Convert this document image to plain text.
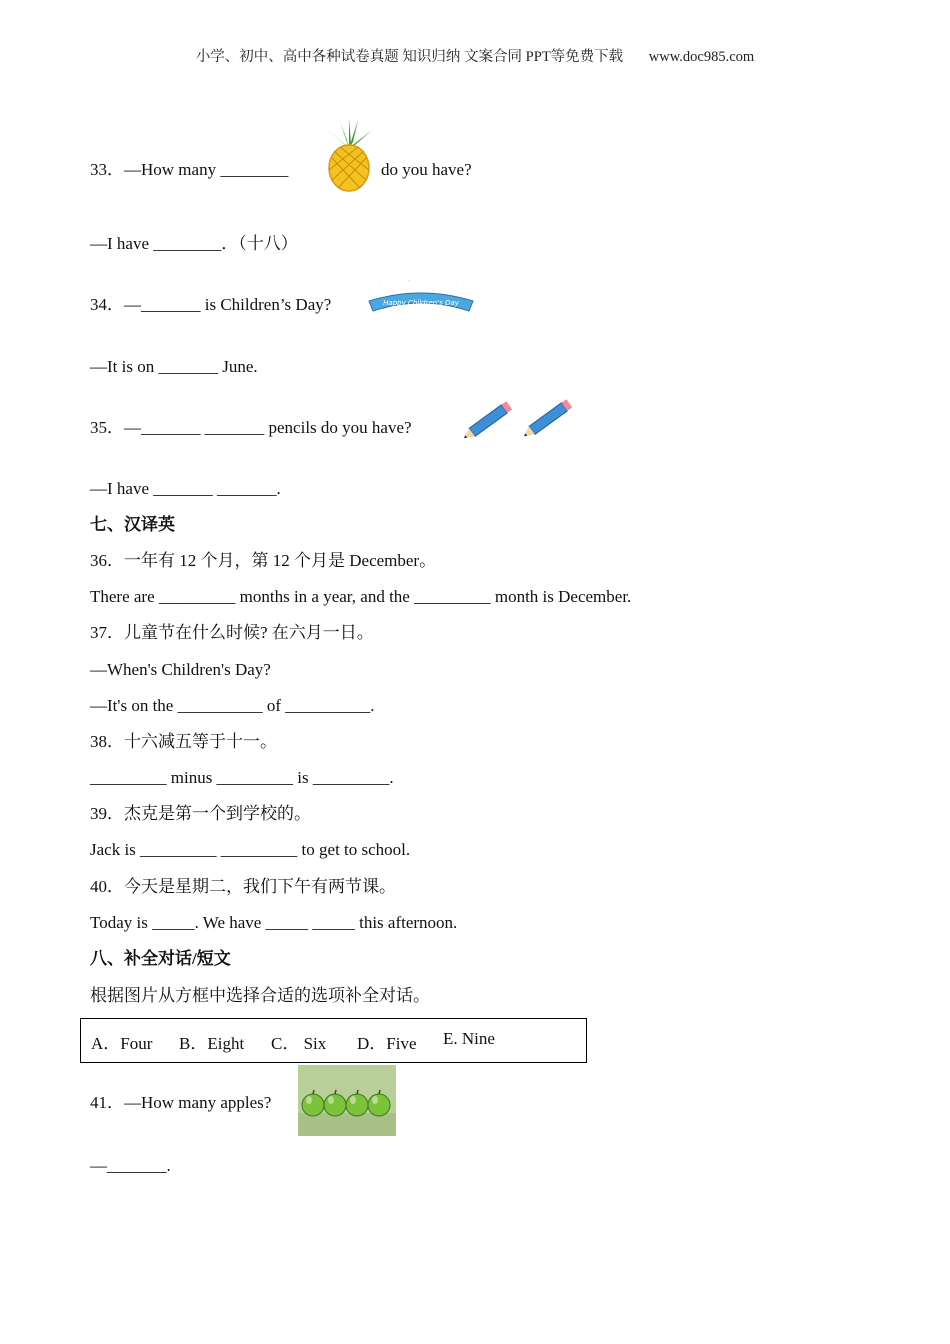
小学、初中、高中各种试卷真题 知识归纳 文案合同 PPT等免费下载 www.doc985.com
33．—How many ________	do you have?
—I have ________．（十八）
34．—_______ is Children’s Day?	Happy Children's Day
六一儿童节
—It is on _______ June.
35．—_______ _______ pencils do you have?
—I have _______ _______.
七、汉译英
36．一年有 12 个月，第 12 个月是 December。
There are _________ months in a year, and the _________ month is December.
37．儿童节在什么时候? 在六月一日。
—When's Children's Day?
—It's on the __________ of __________.
38．十六减五等于十一。
_________ minus _________ is _________.
39．杰克是第一个到学校的。
Jack is _________ _________ to get to school.
40．今天是星期二，我们下午有两节课。
Today is _____. We have _____ _____ this afternoon.
八、补全对话/短文
根据图片从方框中选择合适的选项补全对话。
A．Four B．Eight C． Six D．Five E. Nine
41．—How many apples?
—_______.
